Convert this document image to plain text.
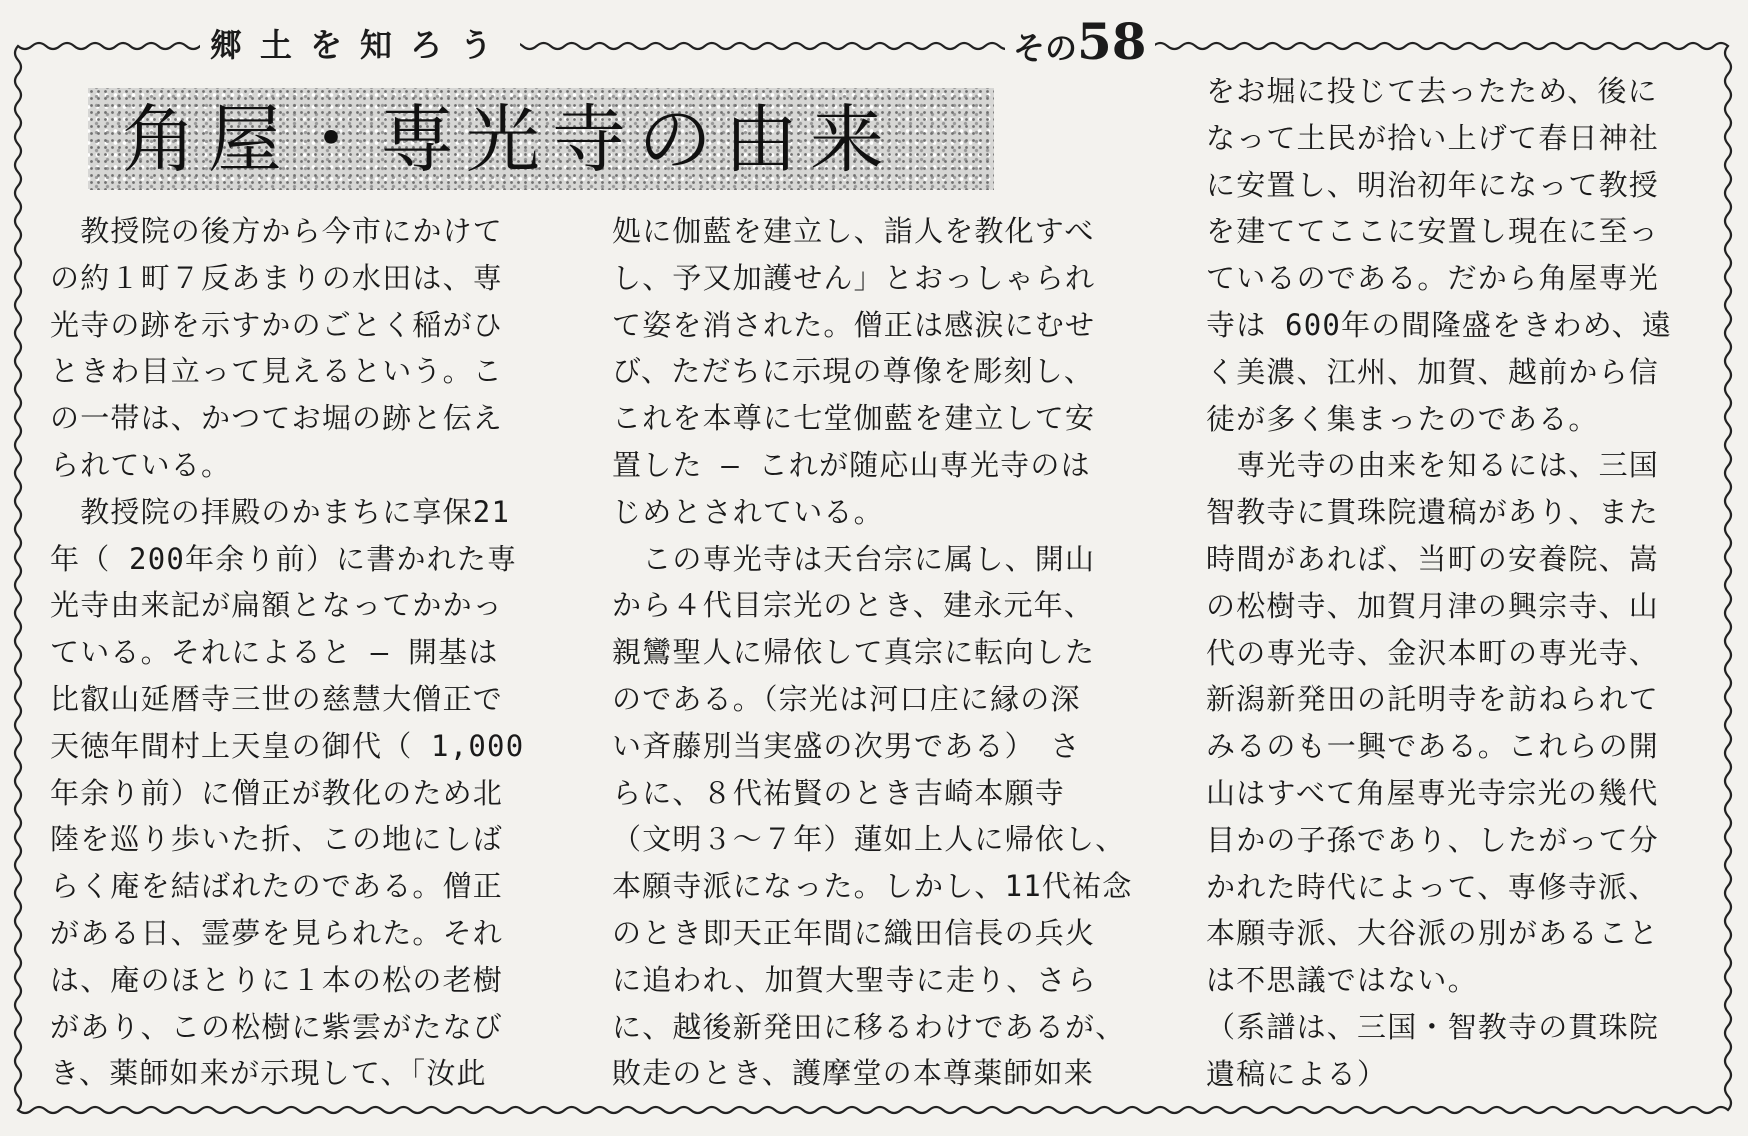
郷土を知ろう	その58
角屋・専光寺の由来
　教授院の後方から今市にかけて
の約１町７反あまりの水田は、専
光寺の跡を示すかのごとく稲がひ
ときわ目立って見えるという。こ
の一帯は、かつてお堀の跡と伝え
られている。
　教授院の拝殿のかまちに享保21
年（ 200年余り前）に書かれた専
光寺由来記が扁額となってかかっ
ている。それによると ― 開基は
比叡山延暦寺三世の慈慧大僧正で
天徳年間村上天皇の御代（ 1,000
年余り前）に僧正が教化のため北
陸を巡り歩いた折、この地にしば
らく庵を結ばれたのである。僧正
がある日、霊夢を見られた。それ
は、庵のほとりに１本の松の老樹
があり、この松樹に紫雲がたなび
き、薬師如来が示現して、「汝此
処に伽藍を建立し、詣人を教化すべ
し、予又加護せん」とおっしゃられ
て姿を消された。僧正は感涙にむせ
び、ただちに示現の尊像を彫刻し、
これを本尊に七堂伽藍を建立して安
置した ― これが随応山専光寺のは
じめとされている。
　この専光寺は天台宗に属し、開山
から４代目宗光のとき、建永元年、
親鸞聖人に帰依して真宗に転向した
のである。（宗光は河口庄に縁の深
い斉藤別当実盛の次男である）　さ
らに、８代祐賢のとき吉崎本願寺
（文明３～７年）蓮如上人に帰依し、
本願寺派になった。しかし、11代祐念
のとき即天正年間に織田信長の兵火
に追われ、加賀大聖寺に走り、さら
に、越後新発田に移るわけであるが、
敗走のとき、護摩堂の本尊薬師如来
をお堀に投じて去ったため、後に
なって土民が拾い上げて春日神社
に安置し、明治初年になって教授
を建ててここに安置し現在に至っ
ているのである。だから角屋専光
寺は 600年の間隆盛をきわめ、遠
く美濃、江州、加賀、越前から信
徒が多く集まったのである。
　専光寺の由来を知るには、三国
智教寺に貫珠院遺稿があり、また
時間があれば、当町の安養院、嵩
の松樹寺、加賀月津の興宗寺、山
代の専光寺、金沢本町の専光寺、
新潟新発田の託明寺を訪ねられて
みるのも一興である。これらの開
山はすべて角屋専光寺宗光の幾代
目かの子孫であり、したがって分
かれた時代によって、専修寺派、
本願寺派、大谷派の別があること
は不思議ではない。
（系譜は、三国・智教寺の貫珠院
遺稿による）
